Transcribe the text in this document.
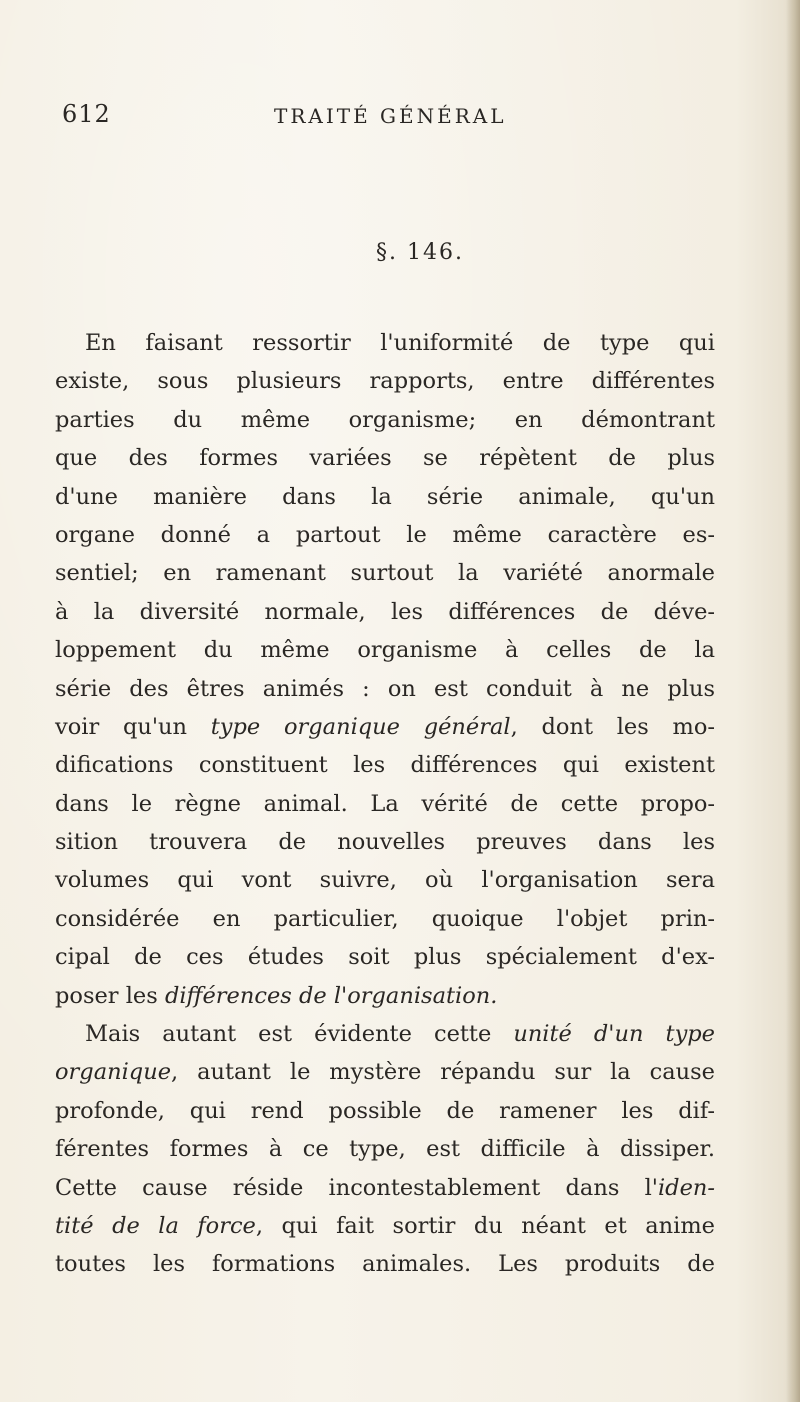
612	TRAITÉ GÉNÉRAL
§. 146.
En faisant ressortir l'uniformité de type qui
existe, sous plusieurs rapports, entre différentes
parties du même organisme; en démontrant
que des formes variées se répètent de plus
d'une manière dans la série animale, qu'un
organe donné a partout le même caractère es-
sentiel; en ramenant surtout la variété anormale
à la diversité normale, les différences de déve-
loppement du même organisme à celles de la
série des êtres animés : on est conduit à ne plus
voir qu'un type organique général, dont les mo-
difications constituent les différences qui existent
dans le règne animal. La vérité de cette propo-
sition trouvera de nouvelles preuves dans les
volumes qui vont suivre, où l'organisation sera
considérée en particulier, quoique l'objet prin-
cipal de ces études soit plus spécialement d'ex-
poser les différences de l'organisation.
Mais autant est évidente cette unité d'un type
organique, autant le mystère répandu sur la cause
profonde, qui rend possible de ramener les dif-
férentes formes à ce type, est difficile à dissiper.
Cette cause réside incontestablement dans l'iden-
tité de la force, qui fait sortir du néant et anime
toutes les formations animales. Les produits de
